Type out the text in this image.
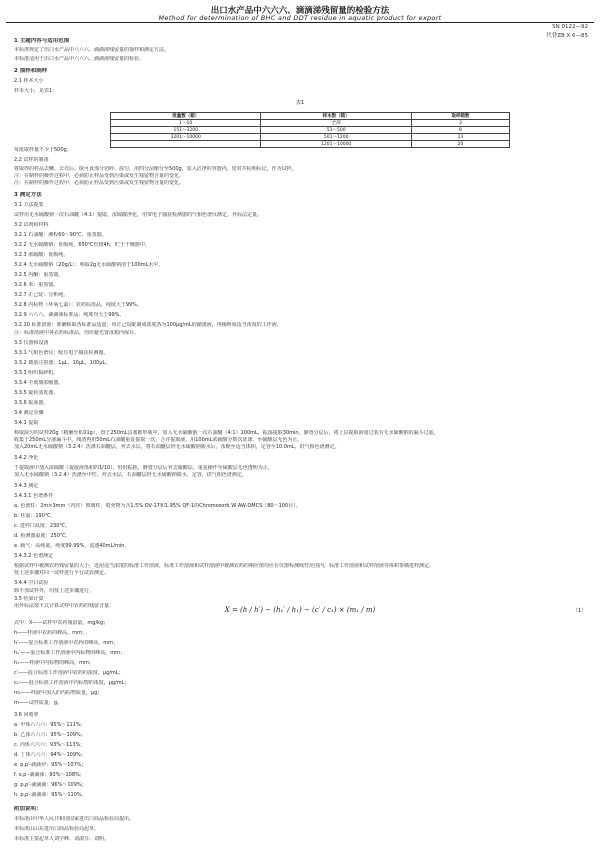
出口水产品中六六六、滴滴涕残留量的检验方法
Method for determination of BHC and DDT residue in aquatic product for export
SN 0122—92
代替ZB X 6—85
1 主题内容与适用范围
本标准规定了出口水产品中六六六、滴滴涕残留量的抽样和测定方法。
本标准适用于出口水产品中六六六、滴滴涕残留量的检验。
2 抽样和制样
2.1 样本大小
样本大小，见表1：
表1
批量数（箱）	样本数（箱）	取样箱数
1～10	全部	3
151～3200	51～500	8
3201～10000	501～1200	13
	1201～10000	20
每批取样量不少于500g。
2.2 试样的制备
将取得的样品去鳞、去壳后，取可食部分切碎、混匀，用四分法缩分至500g，装入洁净的容器内，密封并标明标记，作为试样。
注：在制样的操作过程中，必须防止样品受到污染或发生残留物含量的变化。
注：在制样的操作过程中，必须防止样品受到污染或发生残留物含量的变化。
3 测定方法
3.1 方法提要
试样用无水硫酸钠一次石油醚（4:1）提取，浓硫酸净化，用带电子捕获检测器的气相色谱仪测定，外标法定量。
3.2 试剂和材料
3.2.1 石油醚：沸程60～90℃，重蒸馏。
3.2.2 无水硫酸钠：优级纯，650℃灼烧4h，贮于干燥器中。
3.2.3 浓硫酸：优级纯。
3.2.4 无水硫酸钠（20g/L）：称取2g无水硫酸钠溶于100mL水中。
3.2.5 丙酮：重蒸馏。
3.2.6 苯：重蒸馏。
3.2.7 正己烷：分析纯。
3.2.8 内标物（环氧七氯）：农药标准品，纯度大于99%。
3.2.9 六六六、滴滴涕标准品：纯度均大于99%。
3.2.10 标准溶液：准确称取各标准品适量，用正己烷配制成浓度各为100μg/mL的储备液，再稀释成适当浓度的工作液。
注：标准溶液中各农药标准品，均应避光置冰箱内保存。
3.3 仪器和设备
3.3.1 气相色谱仪：配有电子捕获检测器。
3.3.2 微量注射器：1μL、10μL、100μL。
3.3.3 组织捣碎机。
3.3.4 全玻璃浓缩器。
3.3.5 旋转蒸发器。
3.3.6 振荡器。
3.4 测定步骤
3.4.1 提取
称取混匀的试样20g（精确至0.01g），置于250mL具塞锥形瓶中，加入无水硫酸钠一次石油醚（4:1）100mL，振荡提取30min，静置分层后，将上层提取液通过装有无水硫酸钠的漏斗过滤，
收集于250mL分液漏斗中。残渣再用50mL石油醚重复提取一次，合并提取液，用100mL浓硫酸分数次洗涤，至硫酸层无色为止。
加入20mL无水硫酸钠（3.2.4）洗涤石油醚层，弃去水层，将石油醚层经无水硫酸钠脱水后，浓缩至适当体积，定容至10.0mL，供气相色谱测定。
3.4.2 净化
于提取液中加入浓硫酸（提取液体积的1/10），轻轻振摇，静置分层后弃去硫酸层。重复操作至硫酸层无色透明为止。
加入无水硫酸钠（3.2.4）洗涤至中性，弃去水层，石油醚层经无水硫酸钠脱水，定容，供气相色谱测定。
3.4.3 测定
3.4.3.1 色谱条件
a. 色谱柱：2m×3mm（内径）玻璃柱，填充物为含1.5% OV-17和1.95% QF-1的Chromosorb W AW-DMCS（80～100目）。
b. 柱温：190℃。
c. 进样口温度：230℃。
d. 检测器温度：250℃。
e. 载气：高纯氮，纯度99.99%，流速40mL/min。
3.4.3.2 色谱测定
根据试样中被测农药残留量的大小，选用适当浓度的标准工作溶液，标准工作溶液和试样溶液中被测农药的响应值均应在仪器检测线性范围内，标准工作溶液和试样溶液等体积参插进样测定。
按上述步骤对同一试样进行平行试验测定。
3.4.4 空白试验
除不加试样外，均按上述步骤进行。
3.5 结果计算
用外标法按下式计算试样中农药的残留含量：	X = (h / h′) − (h₁′ / h₁) − (c′ / c₁) × (m₁ / m)	（1）
式中：X——试样中农药残留量，mg/kg；
h——样液中农药的峰高，mm；
h′——混合标准工作溶液中农药的峰高，mm；
h₁′——混合标准工作溶液中内标物的峰高，mm；
h₁——样液中内标物的峰高，mm；
c′——混合标准工作溶液中农药的浓度，μg/mL；
c₁——混合标准工作溶液中内标物的浓度，μg/mL；
m₁——样液中加入的内标物质量，μg；
m——试样质量，g。
3.6 回收率
a. 甲体六六六：95%～111%；
b. 乙体六六六：95%～109%；
c. 丙体六六六：93%～113%；
d. 丁体六六六：94%～109%；
e. p,p′-滴滴伊：95%～107%；
f. o,p′-滴滴涕：93%～108%；
g. p,p′-滴滴滴：96%～109%；
h. p,p′-滴滴涕：95%～110%。
附加说明：
本标准由中华人民共和国国家进出口商品检验局提出。
本标准由山东进出口商品检验局起草。
本标准主要起草人刘学峰、刘淑芬、刘明。
